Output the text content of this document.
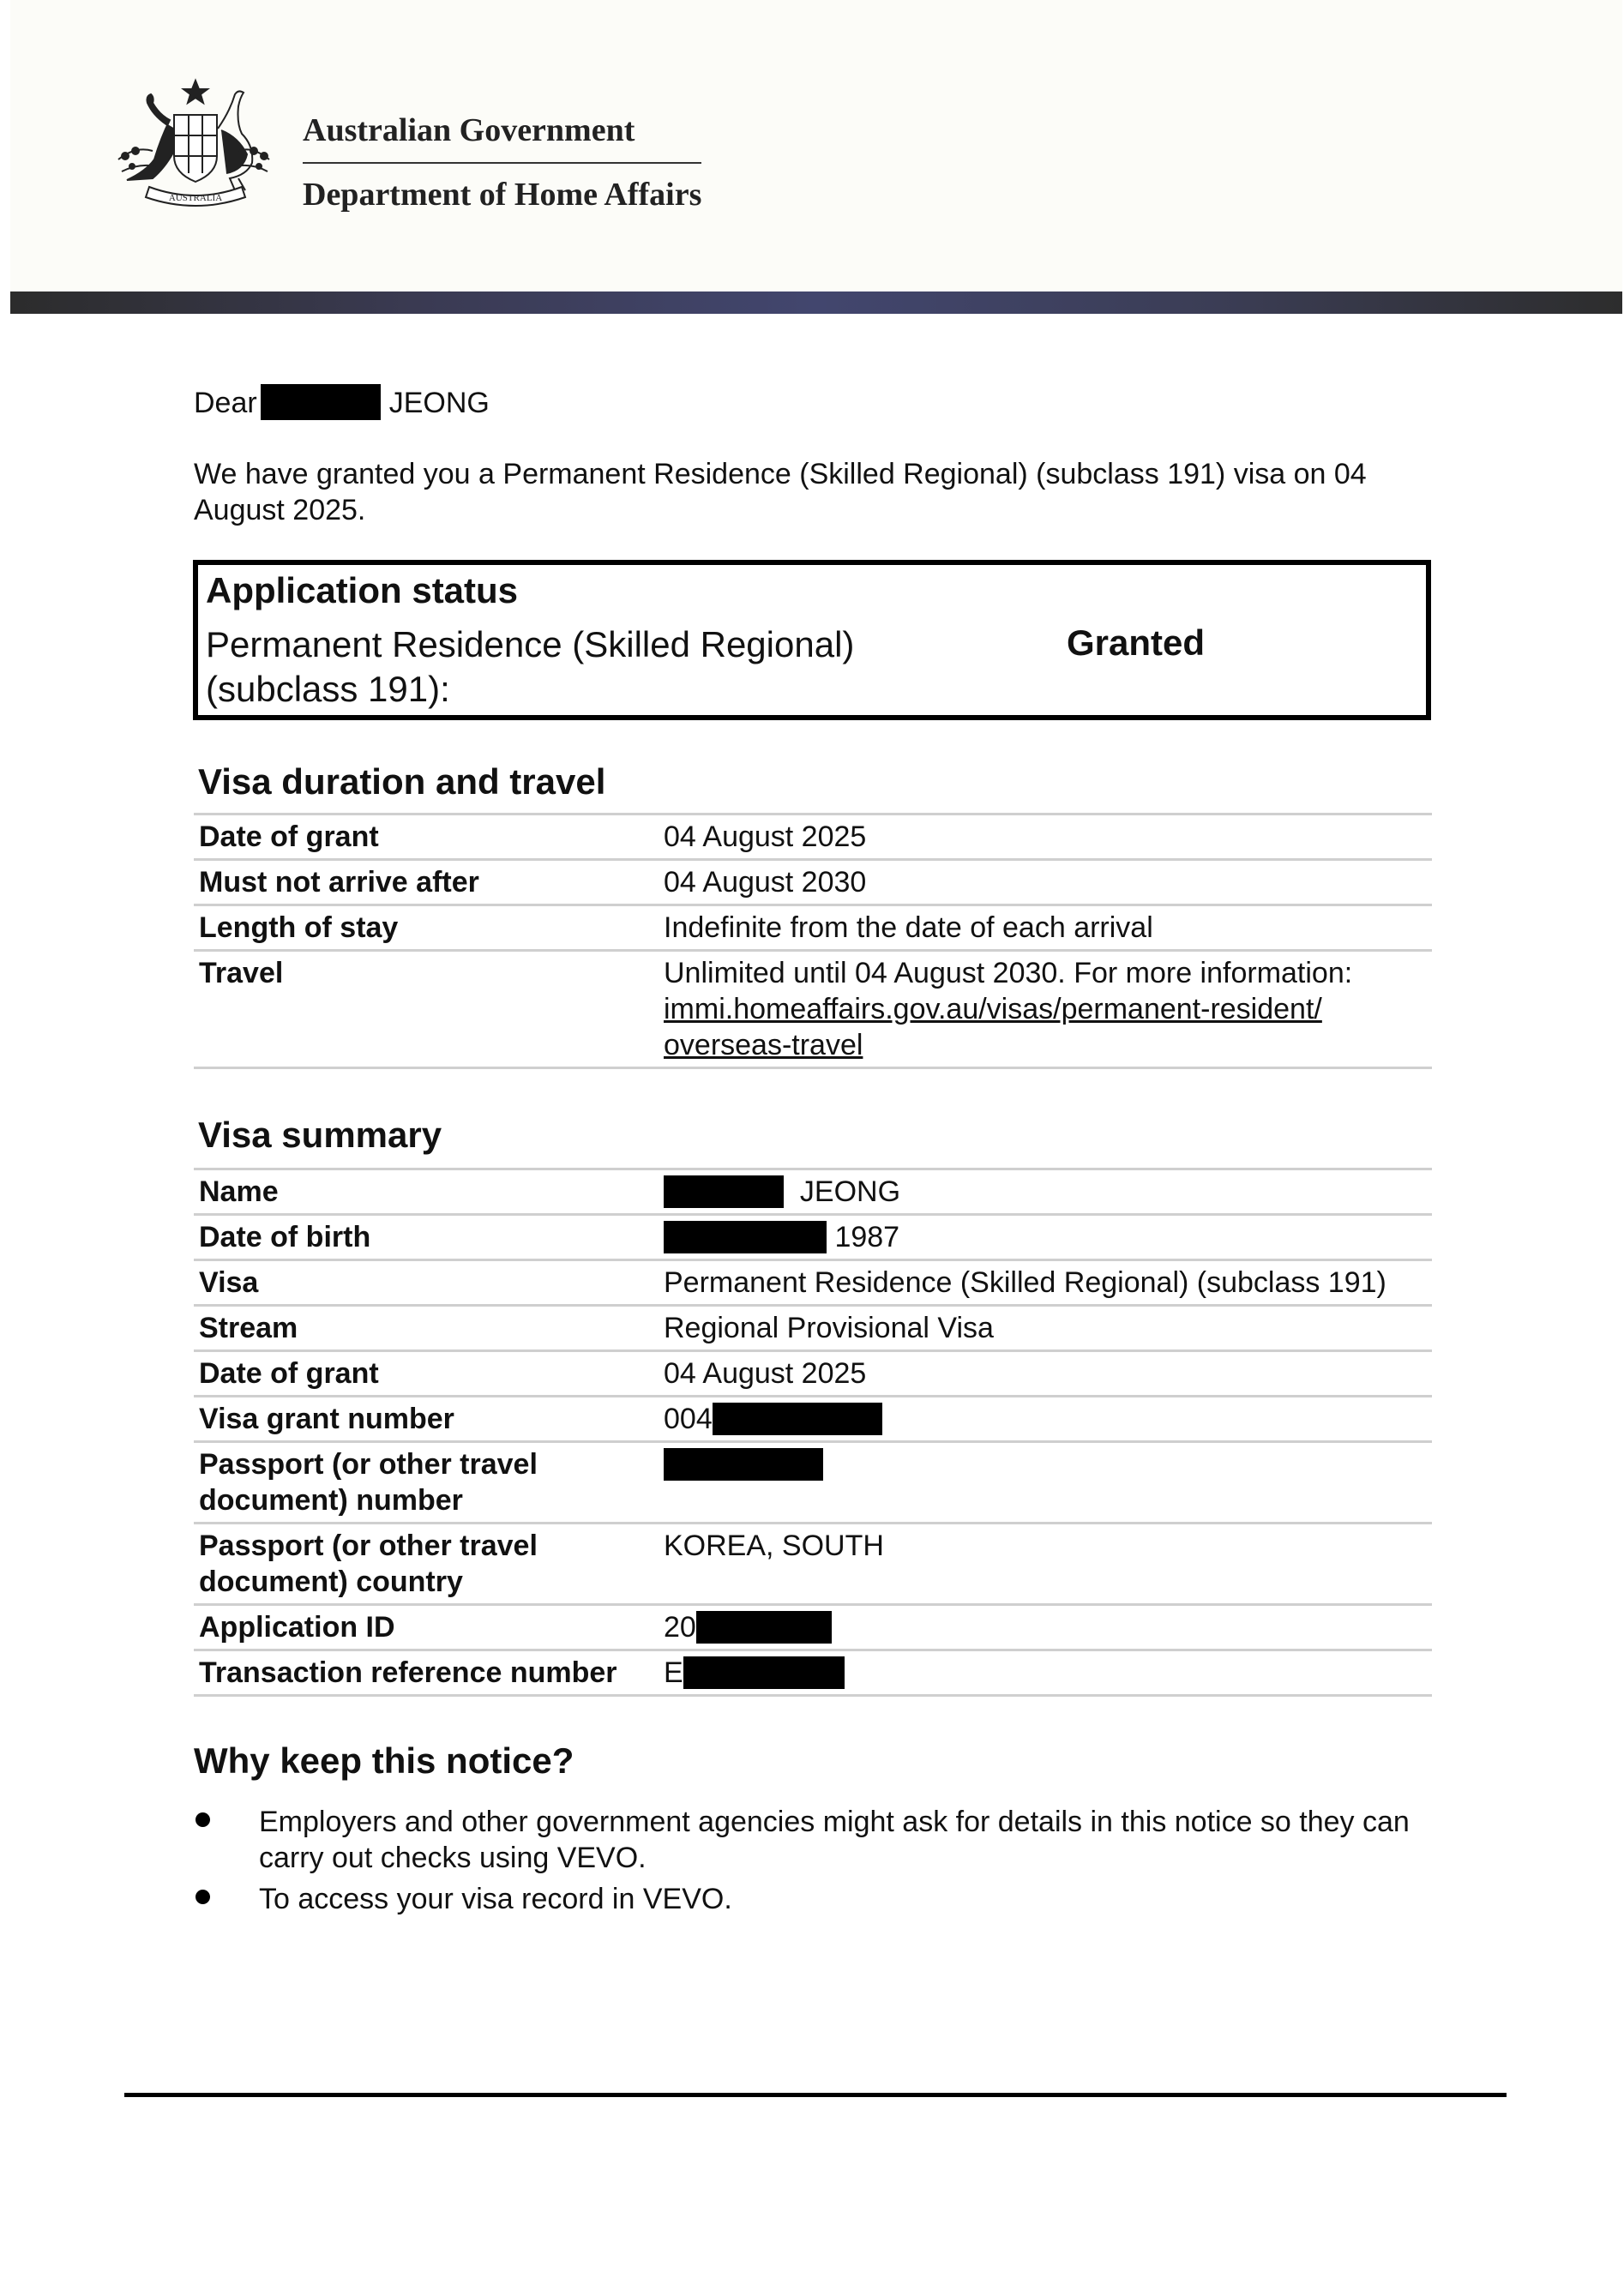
AUSTRALIA
Australian Government
Department of Home Affairs
Dear	JEONG
We have granted you a Permanent Residence (Skilled Regional) (subclass 191) visa on 04 August 2025.
Application status
Permanent Residence (Skilled Regional) (subclass 191):
Granted
Visa duration and travel
Date of grant	04 August 2025
Must not arrive after	04 August 2030
Length of stay	Indefinite from the date of each arrival
Travel	Unlimited until 04 August 2030. For more information:
immi.homeaffairs.gov.au/visas/permanent-resident/
overseas-travel
Visa summary
Name	JEONG
Date of birth	1987
Visa	Permanent Residence (Skilled Regional) (subclass 191)
Stream	Regional Provisional Visa
Date of grant	04 August 2025
Visa grant number	004
Passport (or other travel document) number	

Passport (or other travel document) country	KOREA, SOUTH
Application ID	20
Transaction reference number	E
Why keep this notice?
Employers and other government agencies might ask for details in this notice so they can carry out checks using VEVO.
To access your visa record in VEVO.
